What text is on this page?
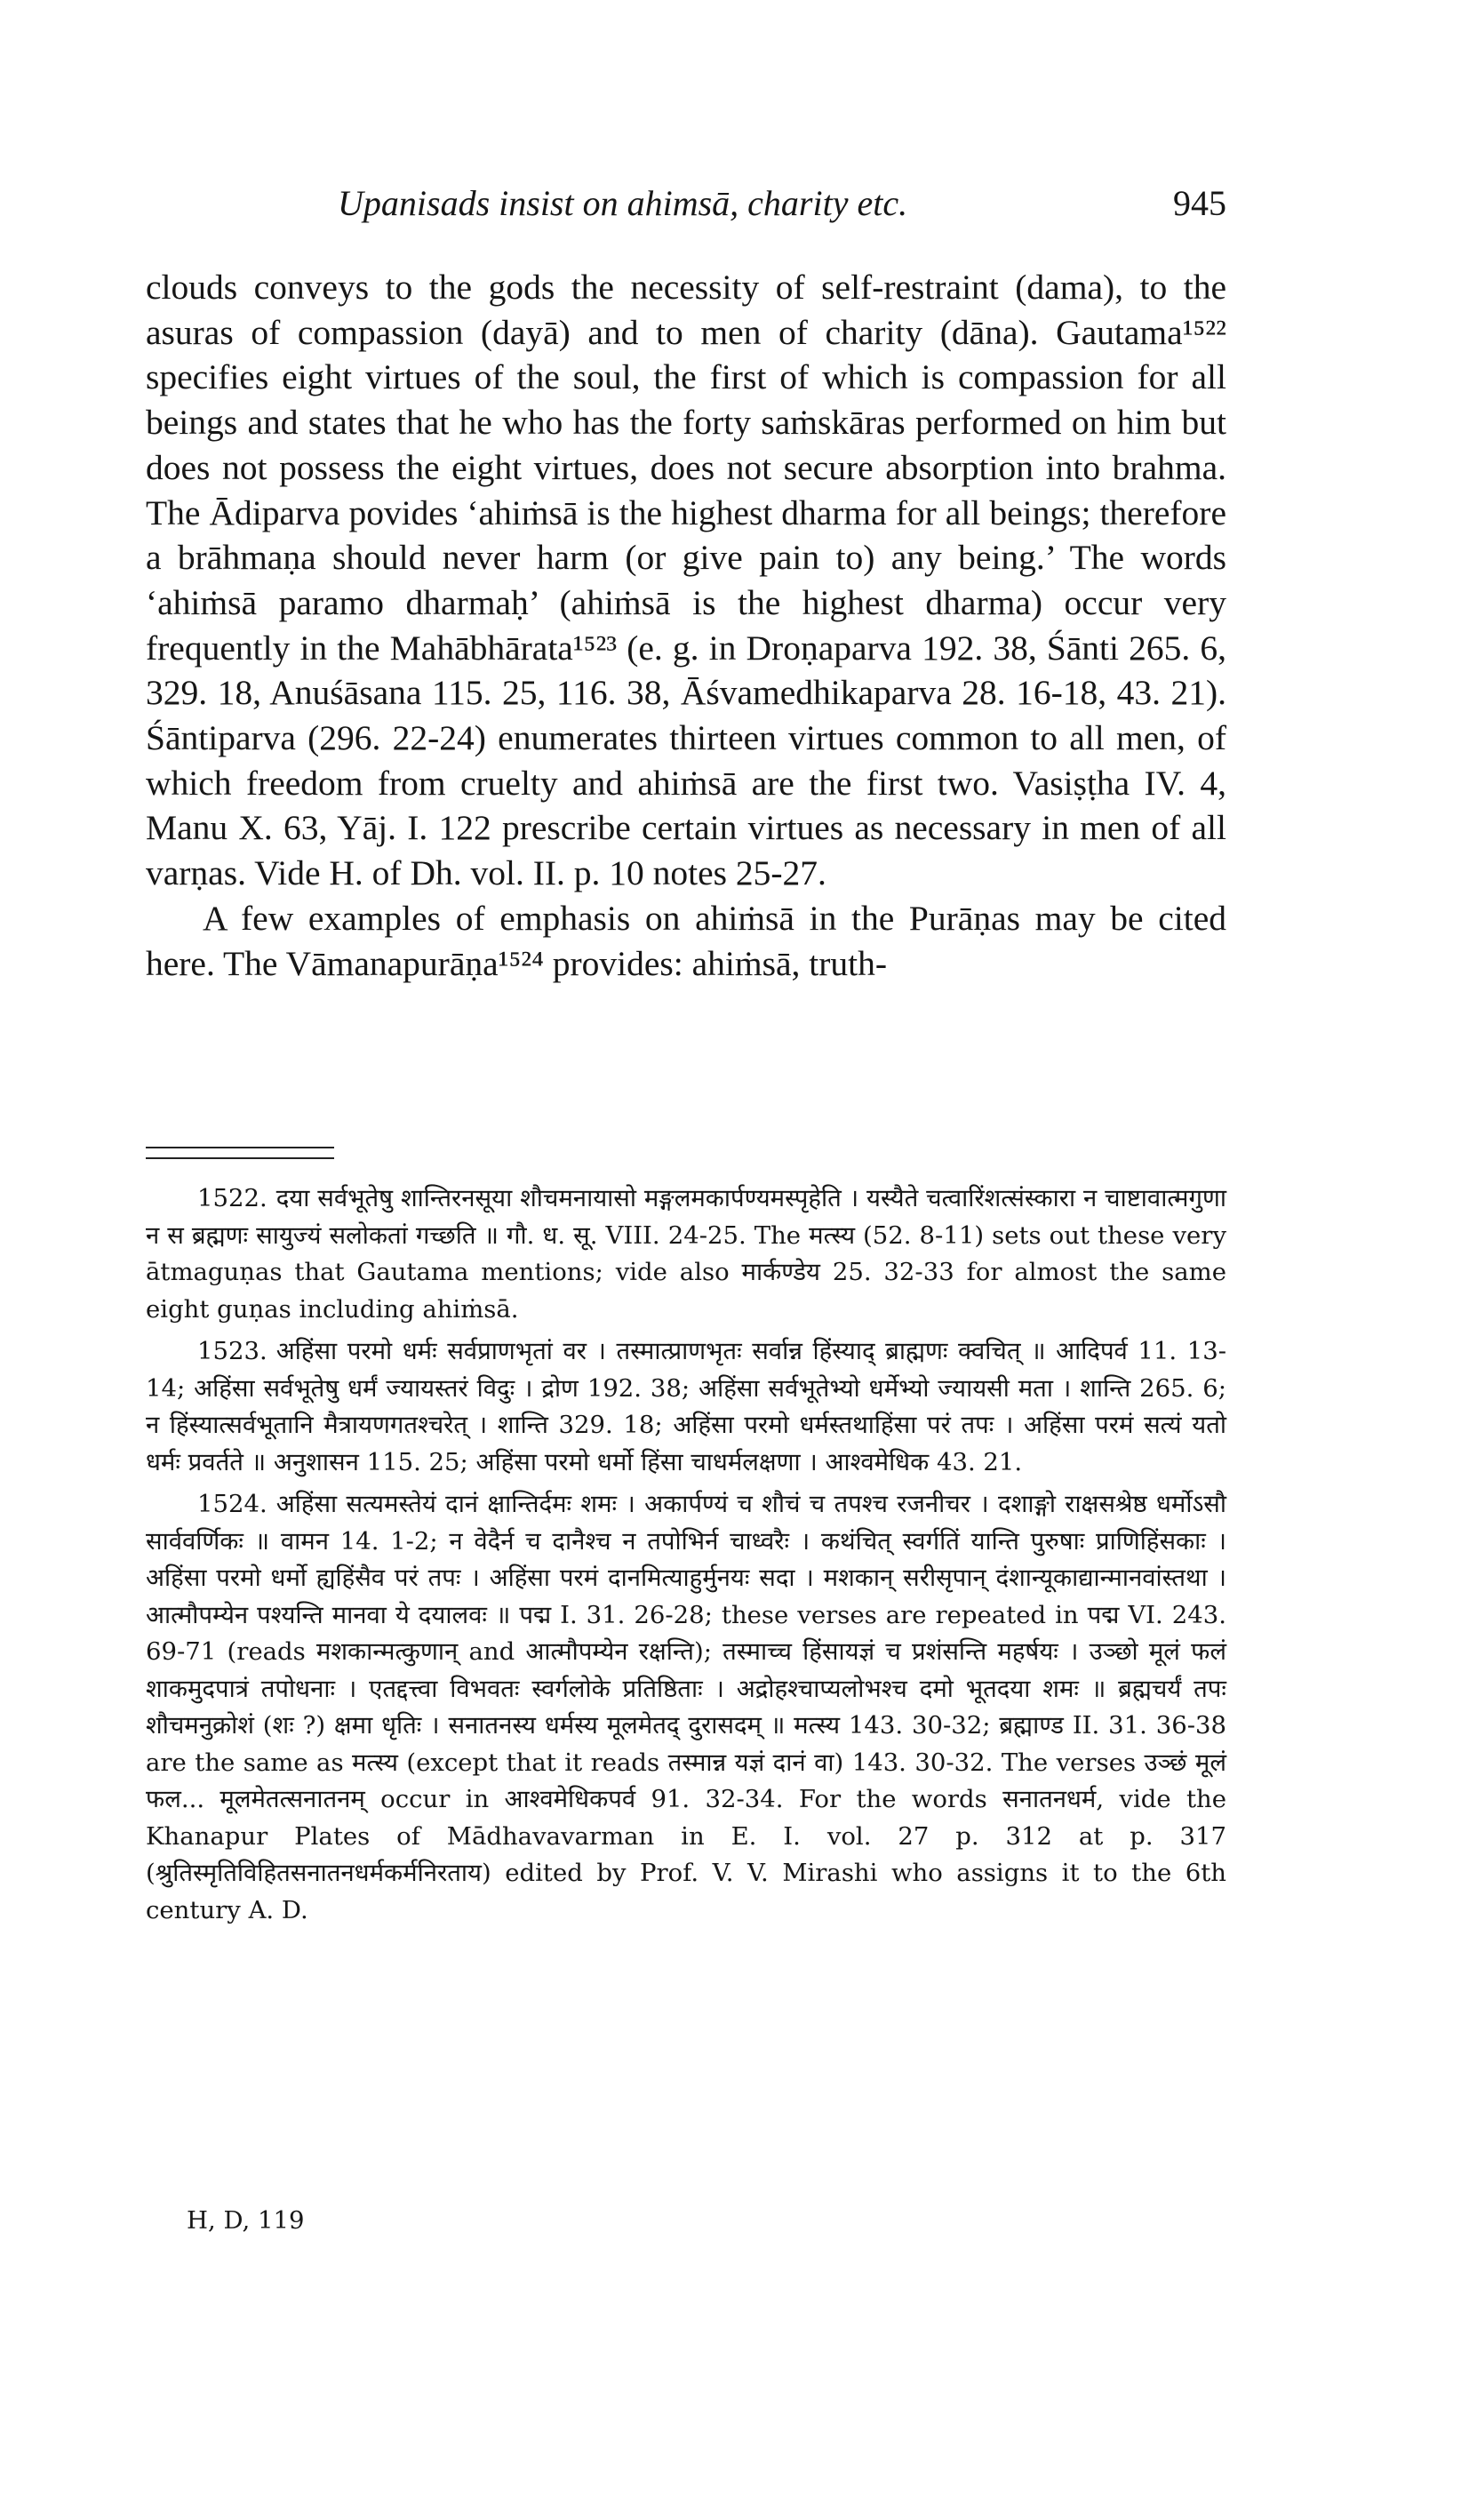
Upanisads insist on ahimsā, charity etc.	945

clouds conveys to the gods the necessity of self-restraint (dama), to the asuras of compassion (dayā) and to men of charity (dāna). Gautama¹⁵²² specifies eight virtues of the soul, the first of which is compassion for all beings and states that he who has the forty saṁskāras performed on him but does not possess the eight virtues, does not secure absorption into brahma. The Ādiparva povides ‘ahiṁsā is the highest dharma for all beings; therefore a brāhmaṇa should never harm (or give pain to) any being.’ The words ‘ahiṁsā paramo dharmaḥ’ (ahiṁsā is the highest dharma) occur very frequently in the Mahābhārata¹⁵²³ (e. g. in Droṇaparva 192. 38, Śānti 265. 6, 329. 18, Anuśāsana 115. 25, 116. 38, Āśvamedhikaparva 28. 16-18, 43. 21). Śāntiparva (296. 22-24) enumerates thirteen virtues common to all men, of which freedom from cruelty and ahiṁsā are the first two. Vasiṣṭha IV. 4, Manu X. 63, Yāj. I. 122 prescribe certain virtues as necessary in men of all varṇas. Vide H. of Dh. vol. II. p. 10 notes 25-27.

A few examples of emphasis on ahiṁsā in the Purāṇas may be cited here. The Vāmanapurāṇa¹⁵²⁴ provides: ahiṁsā, truth-

1522. दया सर्वभूतेषु शान्तिरनसूया शौचमनायासो मङ्गलमकार्पण्यमस्पृहेति । यस्यैते चत्वारिंशत्संस्कारा न चाष्टावात्मगुणा न स ब्रह्मणः सायुज्यं सलोकतां गच्छति ॥ गौ. ध. सू. VIII. 24-25. The मत्स्य (52. 8-11) sets out these very ātmaguṇas that Gautama mentions; vide also मार्कण्डेय 25. 32-33 for almost the same eight guṇas including ahiṁsā.
1523. अहिंसा परमो धर्मः सर्वप्राणभृतां वर । तस्मात्प्राणभृतः सर्वान्न हिंस्याद् ब्राह्मणः क्वचित् ॥ आदिपर्व 11. 13-14; अहिंसा सर्वभूतेषु धर्मं ज्यायस्तरं विदुः । द्रोण 192. 38; अहिंसा सर्वभूतेभ्यो धर्मेभ्यो ज्यायसी मता । शान्ति 265. 6; न हिंस्यात्सर्वभूतानि मैत्रायणगतश्चरेत् । शान्ति 329. 18; अहिंसा परमो धर्मस्तथाहिंसा परं तपः । अहिंसा परमं सत्यं यतो धर्मः प्रवर्तते ॥ अनुशासन 115. 25; अहिंसा परमो धर्मो हिंसा चाधर्मलक्षणा । आश्वमेधिक 43. 21.
1524. अहिंसा सत्यमस्तेयं दानं क्षान्तिर्दमः शमः । अकार्पण्यं च शौचं च तपश्च रजनीचर । दशाङ्गो राक्षसश्रेष्ठ धर्मोऽसौ सार्ववर्णिकः ॥ वामन 14. 1-2; न वेदैर्न च दानैश्च न तपोभिर्न चाध्वरैः । कथंचित् स्वर्गतिं यान्ति पुरुषाः प्राणिहिंसकाः । अहिंसा परमो धर्मो ह्यहिंसैव परं तपः । अहिंसा परमं दानमित्याहुर्मुनयः सदा । मशकान् सरीसृपान् दंशान्यूकाद्यान्मानवांस्तथा । आत्मौपम्येन पश्यन्ति मानवा ये दयालवः ॥ पद्म I. 31. 26-28; these verses are repeated in पद्म VI. 243. 69-71 (reads मशकान्मत्कुणान् and आत्मौपम्येन रक्षन्ति); तस्माच्च हिंसायज्ञं च प्रशंसन्ति महर्षयः । उञ्छो मूलं फलं शाकमुदपात्रं तपोधनाः । एतद्दत्त्वा विभवतः स्वर्गलोके प्रतिष्ठिताः । अद्रोहश्चाप्यलोभश्च दमो भूतदया शमः ॥ ब्रह्मचर्यं तपः शौचमनुक्रोशं (शः ?) क्षमा धृतिः । सनातनस्य धर्मस्य मूलमेतद् दुरासदम् ॥ मत्स्य 143. 30-32; ब्रह्माण्ड II. 31. 36-38 are the same as मत्स्य (except that it reads तस्मान्न यज्ञं दानं वा) 143. 30-32. The verses उञ्छं मूलं फल... मूलमेतत्सनातनम् occur in आश्वमेधिकपर्व 91. 32-34. For the words सनातनधर्म, vide the Khanapur Plates of Mādhavavarman in E. I. vol. 27 p. 312 at p. 317 (श्रुतिस्मृतिविहितसनातनधर्मकर्मनिरताय) edited by Prof. V. V. Mirashi who assigns it to the 6th century A. D.
H, D, 119
